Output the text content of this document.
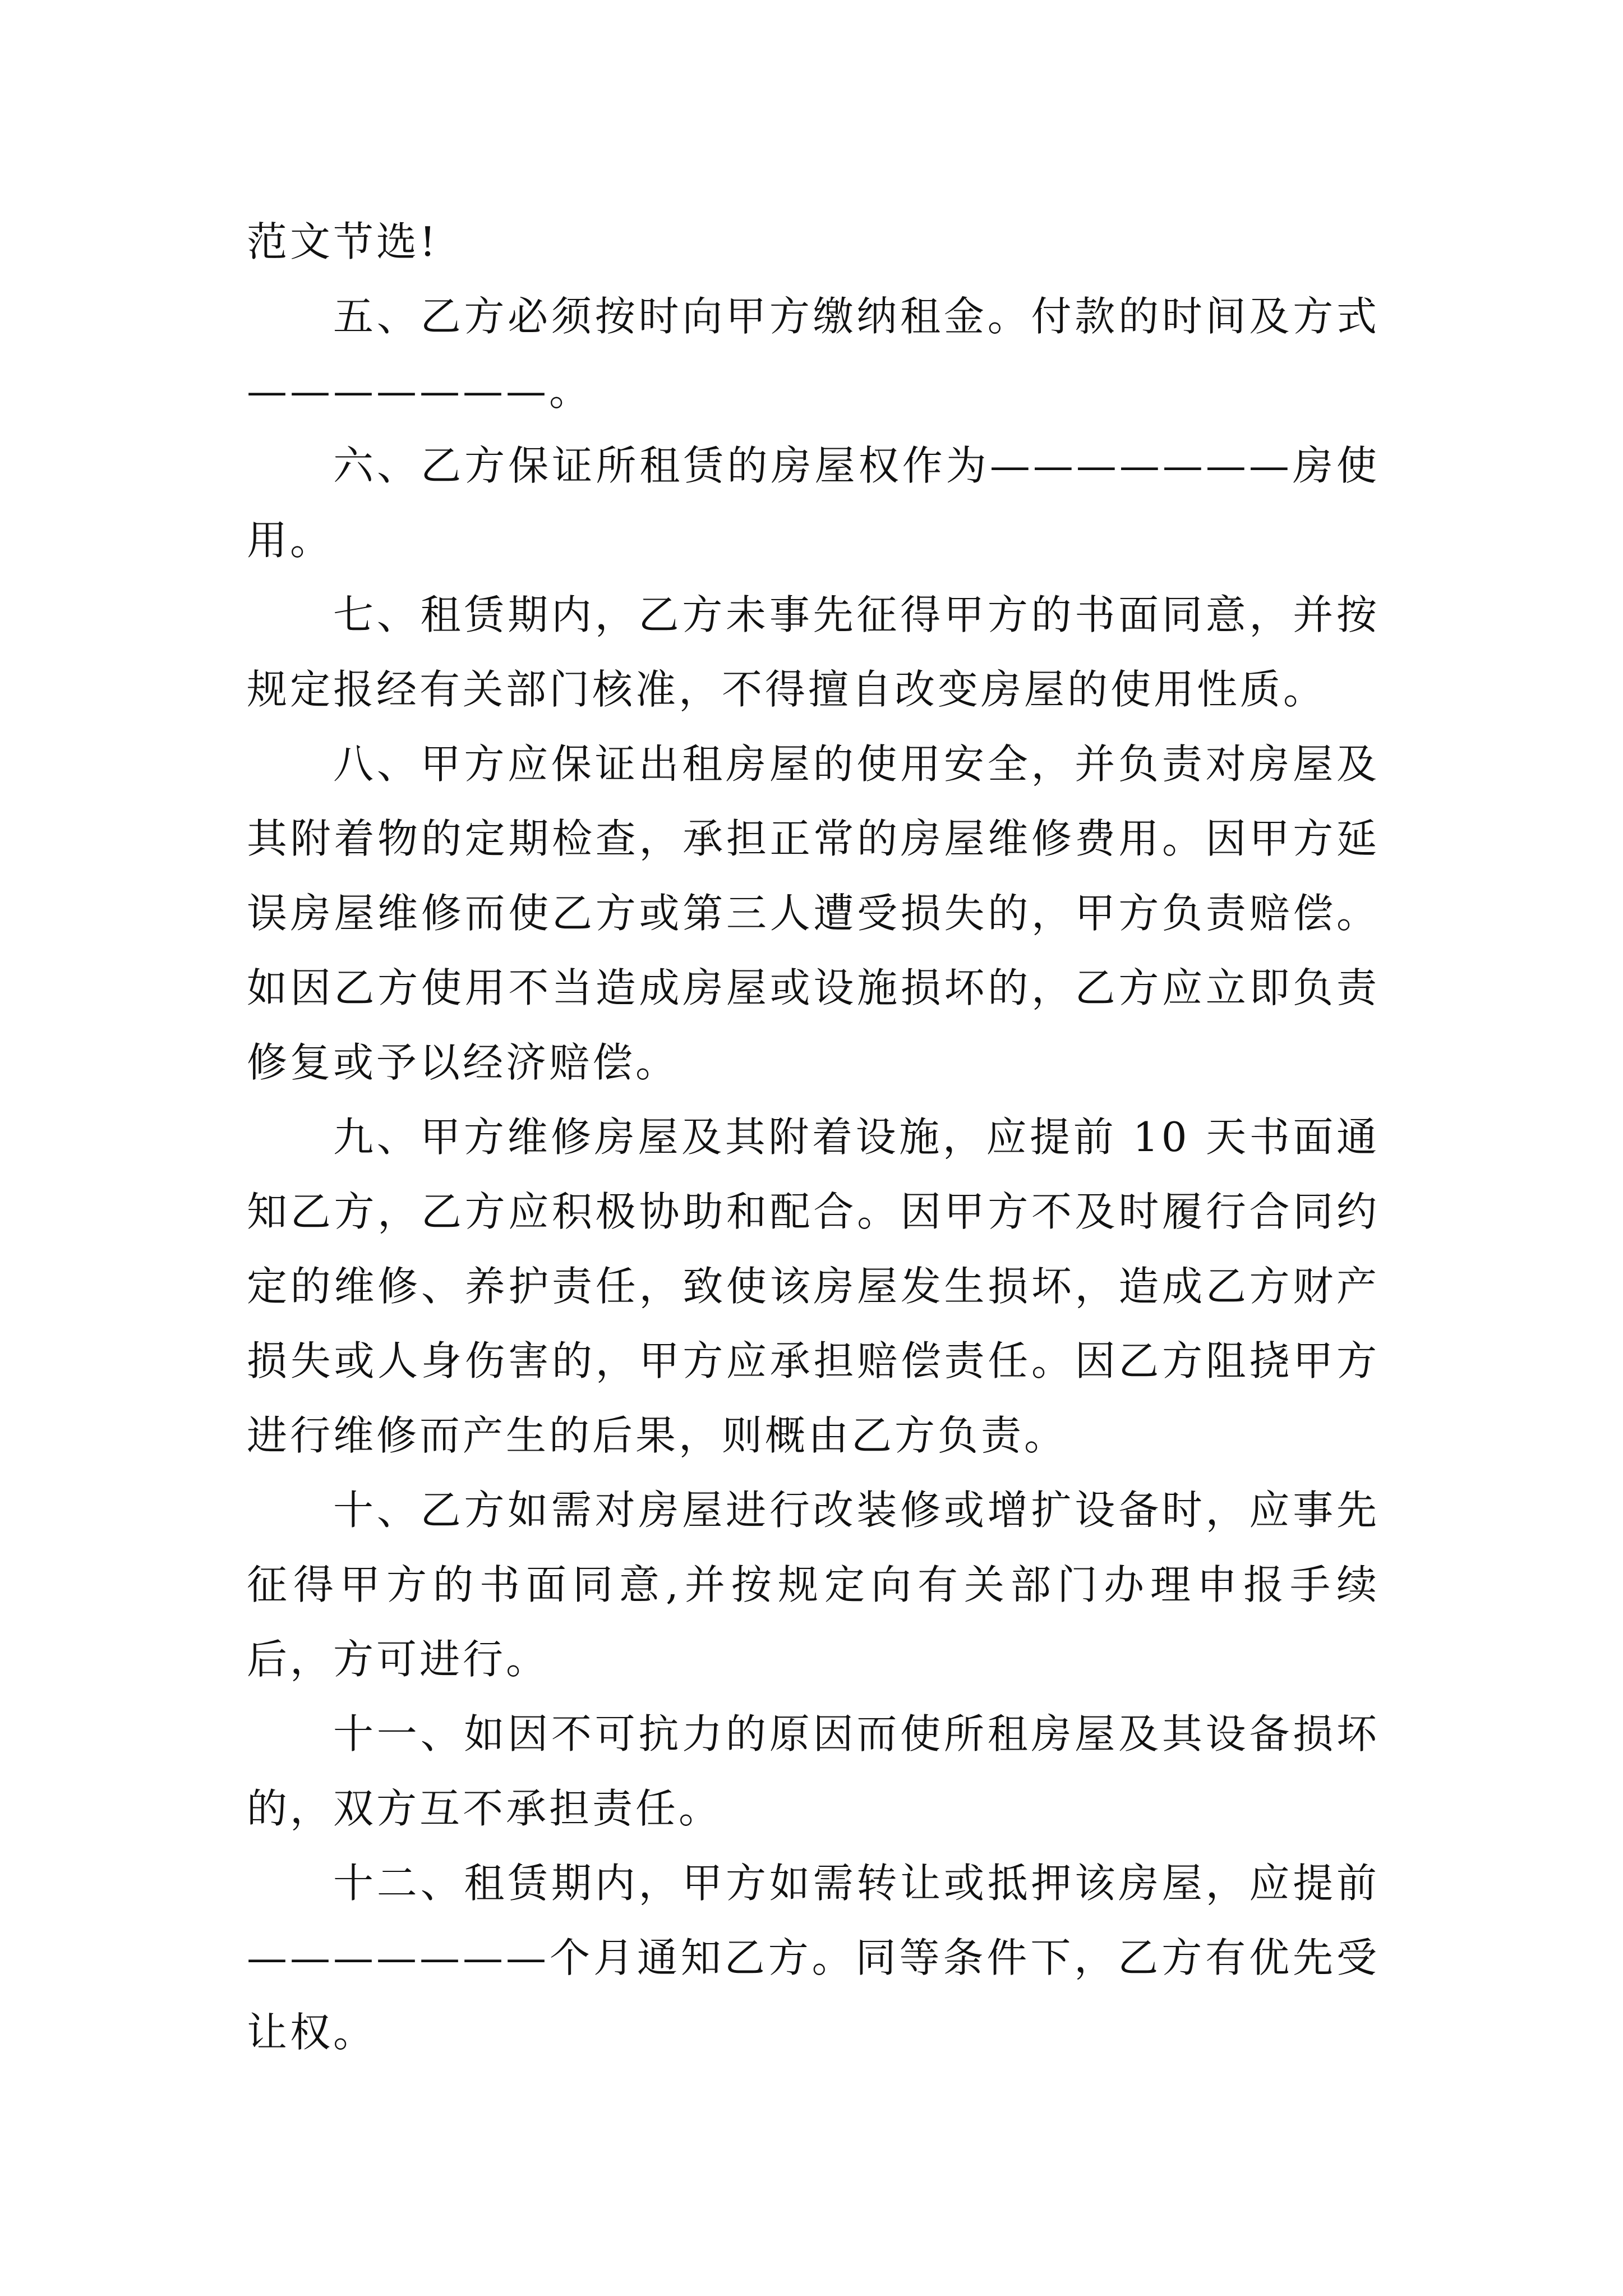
范文节选!

五、乙方必须按时向甲方缴纳租金。付款的时间及方式———————。

六、乙方保证所租赁的房屋权作为———————房使用。

七、租赁期内，乙方未事先征得甲方的书面同意，并按规定报经有关部门核准，不得擅自改变房屋的使用性质。

八、甲方应保证出租房屋的使用安全，并负责对房屋及其附着物的定期检查，承担正常的房屋维修费用。因甲方延误房屋维修而使乙方或第三人遭受损失的，甲方负责赔偿。如因乙方使用不当造成房屋或设施损坏的，乙方应立即负责修复或予以经济赔偿。

九、甲方维修房屋及其附着设施，应提前 10 天书面通知乙方，乙方应积极协助和配合。因甲方不及时履行合同约定的维修、养护责任，致使该房屋发生损坏，造成乙方财产损失或人身伤害的，甲方应承担赔偿责任。因乙方阻挠甲方进行维修而产生的后果，则概由乙方负责。

十、乙方如需对房屋进行改装修或增扩设备时，应事先征得甲方的书面同意,并按规定向有关部门办理申报手续后，方可进行。

十一、如因不可抗力的原因而使所租房屋及其设备损坏的，双方互不承担责任。

十二、租赁期内，甲方如需转让或抵押该房屋，应提前———————个月通知乙方。同等条件下，乙方有优先受让权。
